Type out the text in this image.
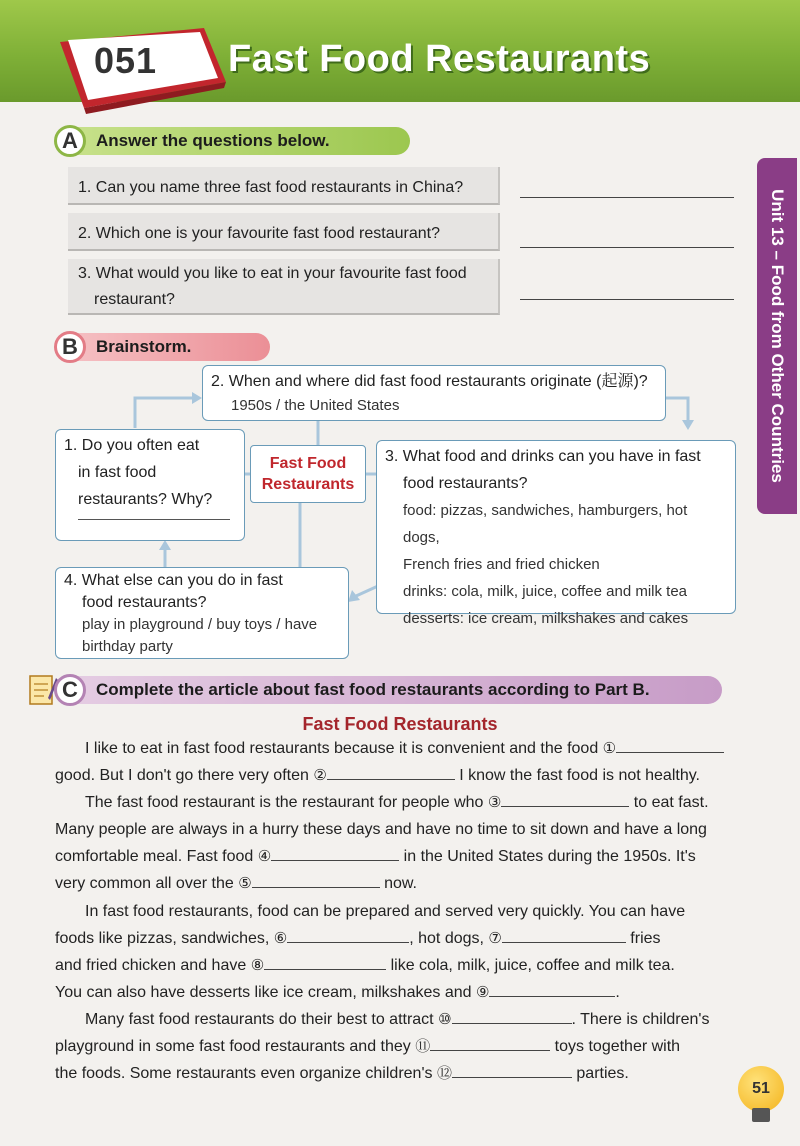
051 Fast Food Restaurants
Unit 13 – Food from Other Countries
A	Answer the questions below.
1. Can you name three fast food restaurants in China?
2. Which one is your favourite fast food restaurant?
3. What would you like to eat in your favourite fast food
restaurant?
B	Brainstorm.
2. When and where did fast food restaurants originate (起源)?
1950s / the United States
1. Do you often eat
in fast food
restaurants? Why?
Fast Food
Restaurants
3. What food and drinks can you have in fast
food restaurants?
food: pizzas, sandwiches, hamburgers, hot dogs,
French fries and fried chicken
drinks: cola, milk, juice, coffee and milk tea
desserts: ice cream, milkshakes and cakes
4. What else can you do in fast
food restaurants?
play in playground / buy toys / have
birthday party
C	Complete the article about fast food restaurants according to Part B.
Fast Food Restaurants
I like to eat in fast food restaurants because it is convenient and the food ①
good. But I don't go there very often ②	I know the fast food is not healthy.
The fast food restaurant is the restaurant for people who ③	to eat fast.
Many people are always in a hurry these days and have no time to sit down and have a long
comfortable meal. Fast food ④	in the United States during the 1950s. It's
very common all over the ⑤	now.
In fast food restaurants, food can be prepared and served very quickly. You can have
foods like pizzas, sandwiches, ⑥	, hot dogs, ⑦	fries
and fried chicken and have ⑧	like cola, milk, juice, coffee and milk tea.
You can also have desserts like ice cream, milkshakes and ⑨	.
Many fast food restaurants do their best to attract ⑩	. There is children's
playground in some fast food restaurants and they ⑪	toys together with
the foods. Some restaurants even organize children's ⑫	parties.
51
